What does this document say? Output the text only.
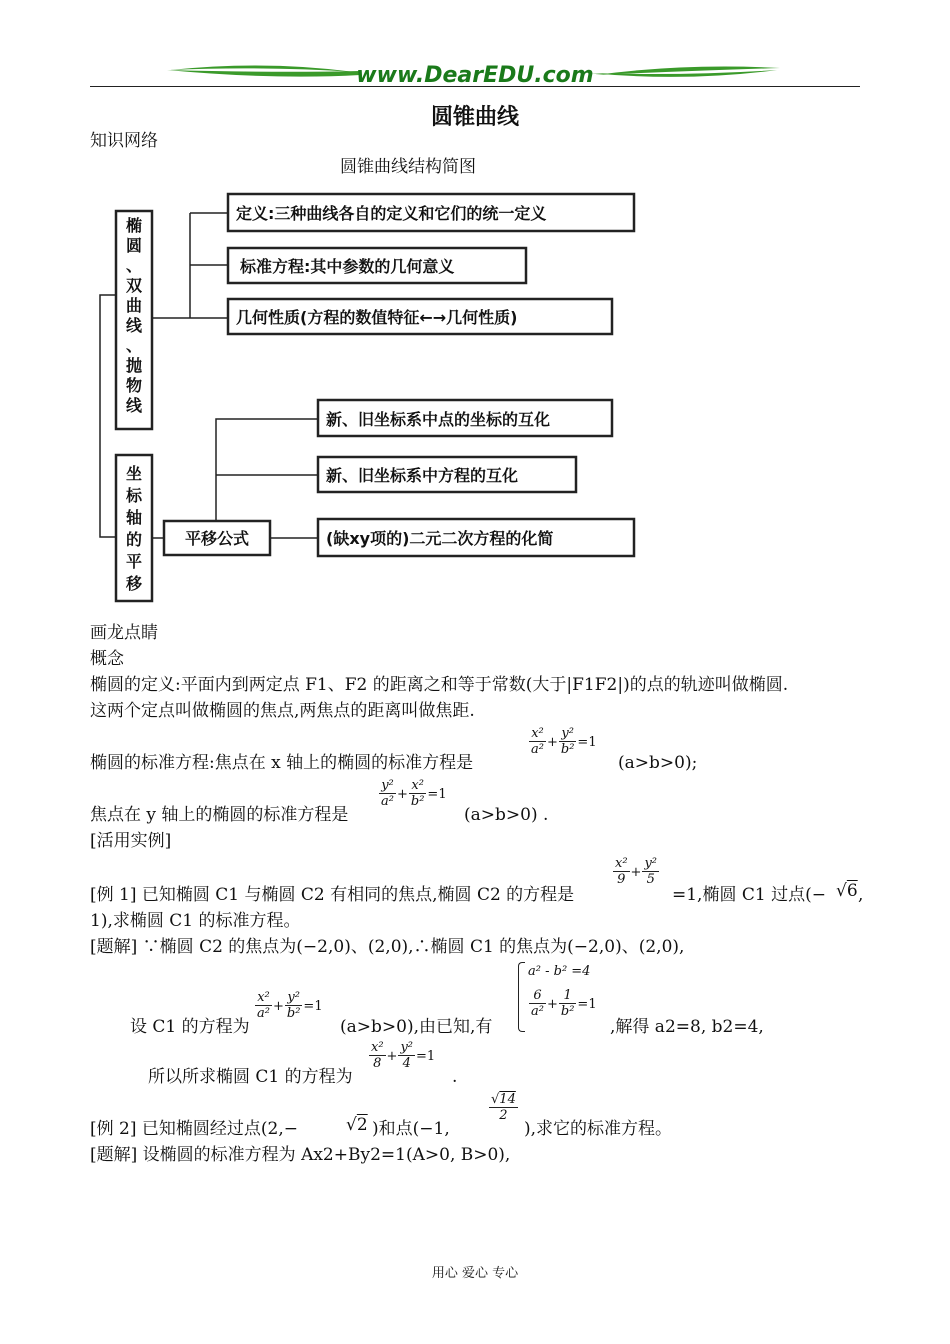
www.DearEDU.com
圆锥曲线
知识网络
圆锥曲线结构简图
椭
圆
、
双
曲
线
、
抛
物
线
坐
标
轴
的
平
移
定义:三种曲线各自的定义和它们的统一定义
标准方程:其中参数的几何意义
几何性质(方程的数值特征←→几何性质)
平移公式
新、旧坐标系中点的坐标的互化
新、旧坐标系中方程的互化
(缺xy项的)二元二次方程的化简
画龙点睛
概念
椭圆的定义:平面内到两定点 F1、F2 的距离之和等于常数(大于|F1F2|)的点的轨迹叫做椭圆.
这两个定点叫做椭圆的焦点,两焦点的距离叫做焦距.
椭圆的标准方程:焦点在 x 轴上的椭圆的标准方程是
$\frac{\text{x²}}{\text{a²}} + \frac{\text{y²}}{\text{b²}} =1$
(a>b>0);
焦点在 y 轴上的椭圆的标准方程是
$\frac{\text{y²}}{\text{a²}} + \frac{\text{x²}}{\text{b²}} =1$
(a>b>0) .
[活用实例]
[例 1] 已知椭圆 C1 与椭圆 C2 有相同的焦点,椭圆 C2 的方程是
$\frac{\text{x²}}{9} + \frac{\text{y²}}{5}$
=1,椭圆 C1 过点(− √6 ,
1),求椭圆 C1 的标准方程。
[题解] ∵椭圆 C2 的焦点为(−2,0)、(2,0),∴椭圆 C1 的焦点为(−2,0)、(2,0),
设 C1 的方程为
$\frac{\text{x²}}{\text{a²}} + \frac{\text{y²}}{\text{b²}} =1$
(a>b>0),由已知,有
a² - b² =4
$\frac{6}{\text{a²}} + \frac{1}{\text{b²}} =1$
,解得 a2=8, b2=4,
所以所求椭圆 C1 的方程为
$\frac{\text{x²}}{8} + \frac{\text{y²}}{4} =1$
.
[例 2] 已知椭圆经过点(2,−	√2 )和点(−1,
$\frac{√14}{2}$
),求它的标准方程。
[题解] 设椭圆的标准方程为 Ax2+By2=1(A>0, B>0),
用心 爱心 专心
